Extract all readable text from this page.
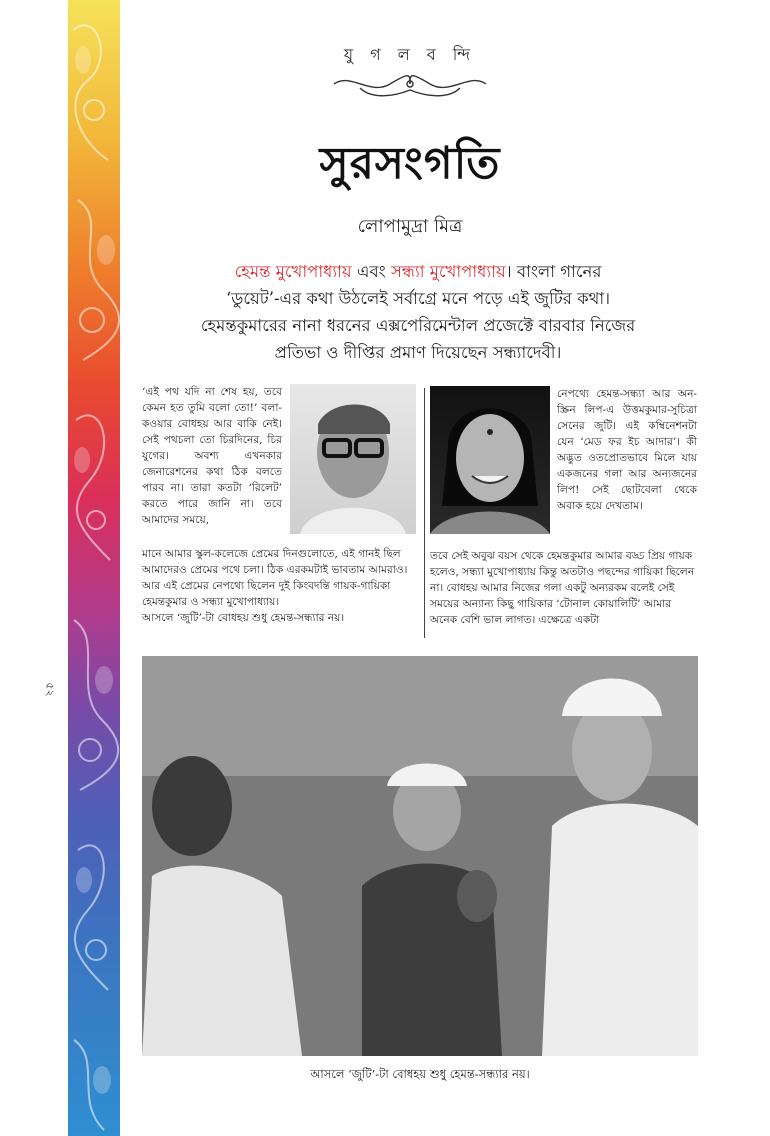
৫২
যু গ ল ব ন্দি
সুরসংগতি
লোপামুদ্রা মিত্র
হেমন্ত মুখোপাধ্যায় এবং সন্ধ্যা মুখোপাধ্যায়। বাংলা গানের
‘ডুয়েট’-এর কথা উঠলেই সর্বাগ্রে মনে পড়ে এই জুটির কথা।
হেমন্তকুমারের নানা ধরনের এক্সপেরিমেন্টাল প্রজেক্টে বারবার নিজের
প্রতিভা ও দীপ্তির প্রমাণ দিয়েছেন সন্ধ্যাদেবী।
‘এই পথ যদি না শেষ হয়, তবে কেমন হত তুমি বলো তো!’ বলা-কওয়ার বোধহয় আর বাকি নেই। সেই পথচলা তো চিরদিনের, চির যুগের। অবশ্য এখনকার জেনারেশনের কথা ঠিক বলতে পারব না। তারা কতটা ‘রিলেট’ করতে পারে জানি না। তবে আমাদের সময়ে,
নেপথ্যে হেমন্ত-সন্ধ্যা আর অন-স্ক্রিন লিপ-এ উত্তমকুমার-সুচিত্রা সেনের জুটি। এই কম্বিনেশনটা যেন ‘মেড ফর ইচ আদার’। কী অদ্ভুত ওতপ্রোতভাবে মিলে যায় একজনের গলা আর অন্যজনের লিপ! সেই ছোটবেলা থেকে অবাক হয়ে দেখতাম।
মানে আমার স্কুল-কলেজে প্রেমের দিনগুলোতে, এই গানই ছিল আমাদেরও প্রেমের পথে চলা। ঠিক এরকমটাই ভাবতাম আমরাও। আর এই প্রেমের নেপথ্যে ছিলেন দুই কিংবদন্তি গায়ক-গায়িকা হেমন্তকুমার ও সন্ধ্যা মুখোপাধ্যায়।
আসলে ‘জুটি’-টা বোধহয় শুধু হেমন্ত-সন্ধ্যার নয়।
তবে সেই অবুঝ বয়স থেকে হেমন্তকুমার আমার বড্ড প্রিয় গায়ক হলেও, সন্ধ্যা মুখোপাধ্যায় কিন্তু অতটাও পছন্দের গায়িকা ছিলেন না। বোধহয় আমার নিজের গলা একটু অন্যরকম বলেই সেই সময়ের অন্যান্য কিছু গায়িকার ‘টোনাল কোয়ালিটি’ আমার অনেক বেশি ভাল লাগত। এক্ষেত্রে একটা
আসলে ‘জুটি’-টা বোধহয় শুধু হেমন্ত-সন্ধ্যার নয়।
